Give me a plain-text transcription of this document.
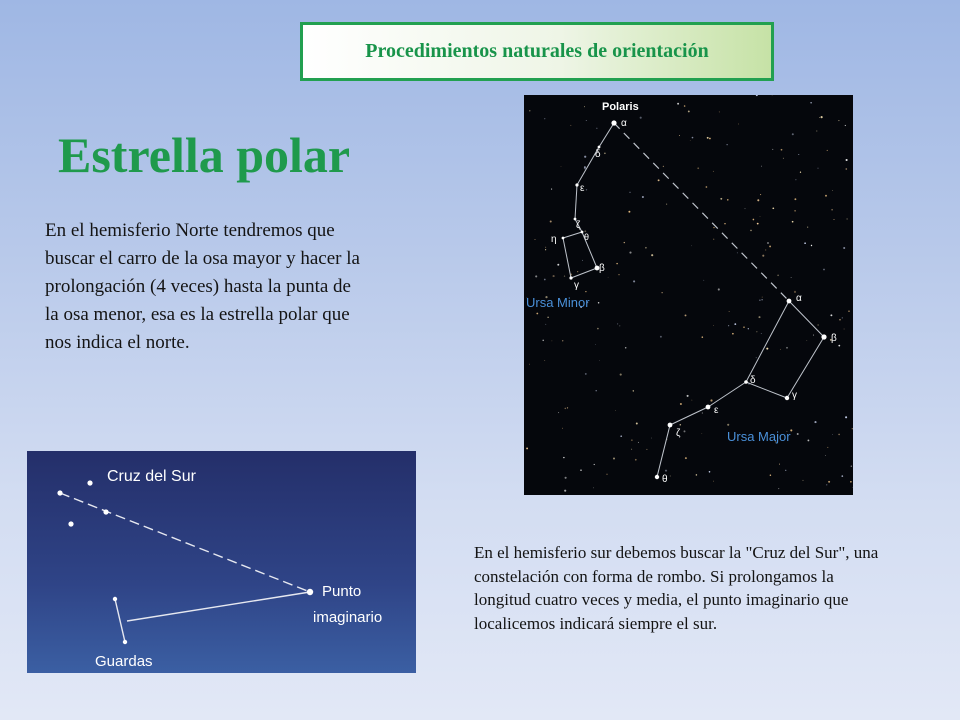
Procedimientos naturales de orientación
Estrella polar
En el hemisferio Norte tendremos que buscar el carro de la osa mayor y hacer la prolongación (4 veces) hasta la punta de la osa menor, esa es la estrella polar que nos indica el norte.
Polaris
α
δ
ε
ζ
η	θ
β
γ
Ursa Minor	α
β
γ
δ
ε
ζ
θ
Ursa Major
Cruz del Sur
Punto
imaginario
Guardas
En el hemisferio sur debemos buscar la "Cruz del Sur", una constelación con forma de rombo. Si prolongamos la longitud cuatro veces y media, el punto imaginario que localicemos indicará siempre el sur.
